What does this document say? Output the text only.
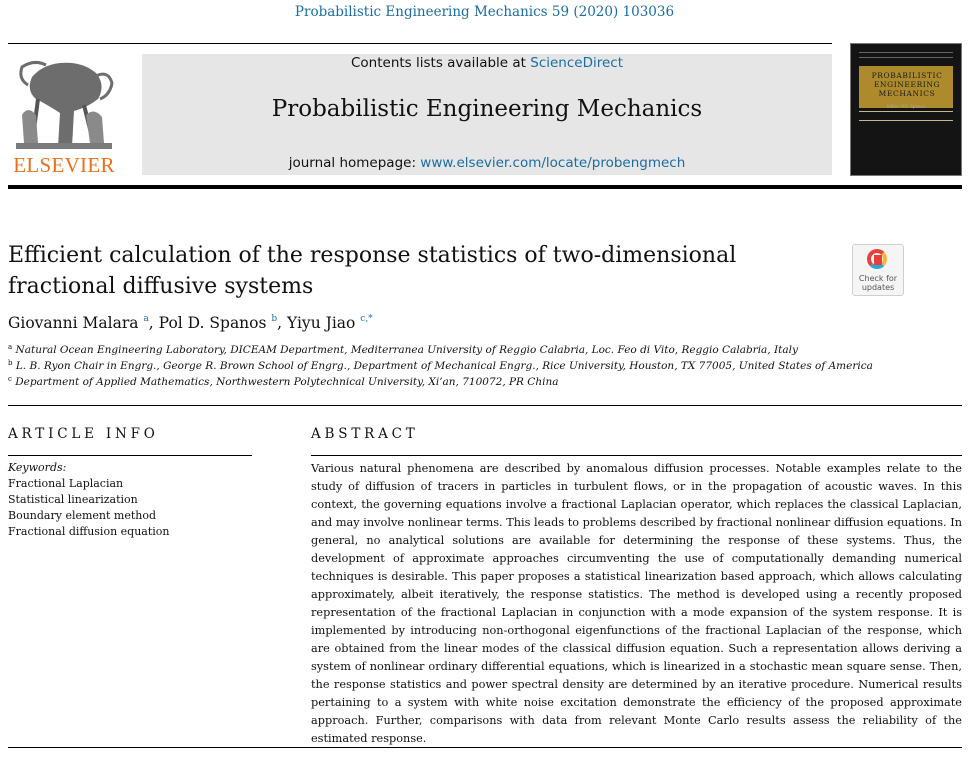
Probabilistic Engineering Mechanics 59 (2020) 103036
ELSEVIER
Contents lists available at ScienceDirect
Probabilistic Engineering Mechanics
journal homepage: www.elsevier.com/locate/probengmech
PROBABILISTIC ENGINEERING MECHANICS
Editor: P.D. Spanos
Efficient calculation of the response statistics of two-dimensional fractional diffusive systems	Check for updates
Giovanni Malara $^a$, Pol D. Spanos $^b$, Yiyu Jiao $^{c,*}$
$^a$ Natural Ocean Engineering Laboratory, DICEAM Department, Mediterranea University of Reggio Calabria, Loc. Feo di Vito, Reggio Calabria, Italy
$^b$ L. B. Ryon Chair in Engrg., George R. Brown School of Engrg., Department of Mechanical Engrg., Rice University, Houston, TX 77005, United States of America
$^c$ Department of Applied Mathematics, Northwestern Polytechnical University, Xi’an, 710072, PR China
ARTICLE INFO
Keywords:
Fractional Laplacian
Statistical linearization
Boundary element method
Fractional diffusion equation
ABSTRACT
Various natural phenomena are described by anomalous diffusion processes. Notable examples relate to the study of diffusion of tracers in particles in turbulent flows, or in the propagation of acoustic waves. In this context, the governing equations involve a fractional Laplacian operator, which replaces the classical Laplacian, and may involve nonlinear terms. This leads to problems described by fractional nonlinear diffusion equations. In general, no analytical solutions are available for determining the response of these systems. Thus, the development of approximate approaches circumventing the use of computationally demanding numerical techniques is desirable. This paper proposes a statistical linearization based approach, which allows calculating approximately, albeit iteratively, the response statistics. The method is developed using a recently proposed representation of the fractional Laplacian in conjunction with a mode expansion of the system response. It is implemented by introducing non-orthogonal eigenfunctions of the fractional Laplacian of the response, which are obtained from the linear modes of the classical diffusion equation. Such a representation allows deriving a system of nonlinear ordinary differential equations, which is linearized in a stochastic mean square sense. Then, the response statistics and power spectral density are determined by an iterative procedure. Numerical results pertaining to a system with white noise excitation demonstrate the efficiency of the proposed approximate approach. Further, comparisons with data from relevant Monte Carlo results assess the reliability of the estimated response.
